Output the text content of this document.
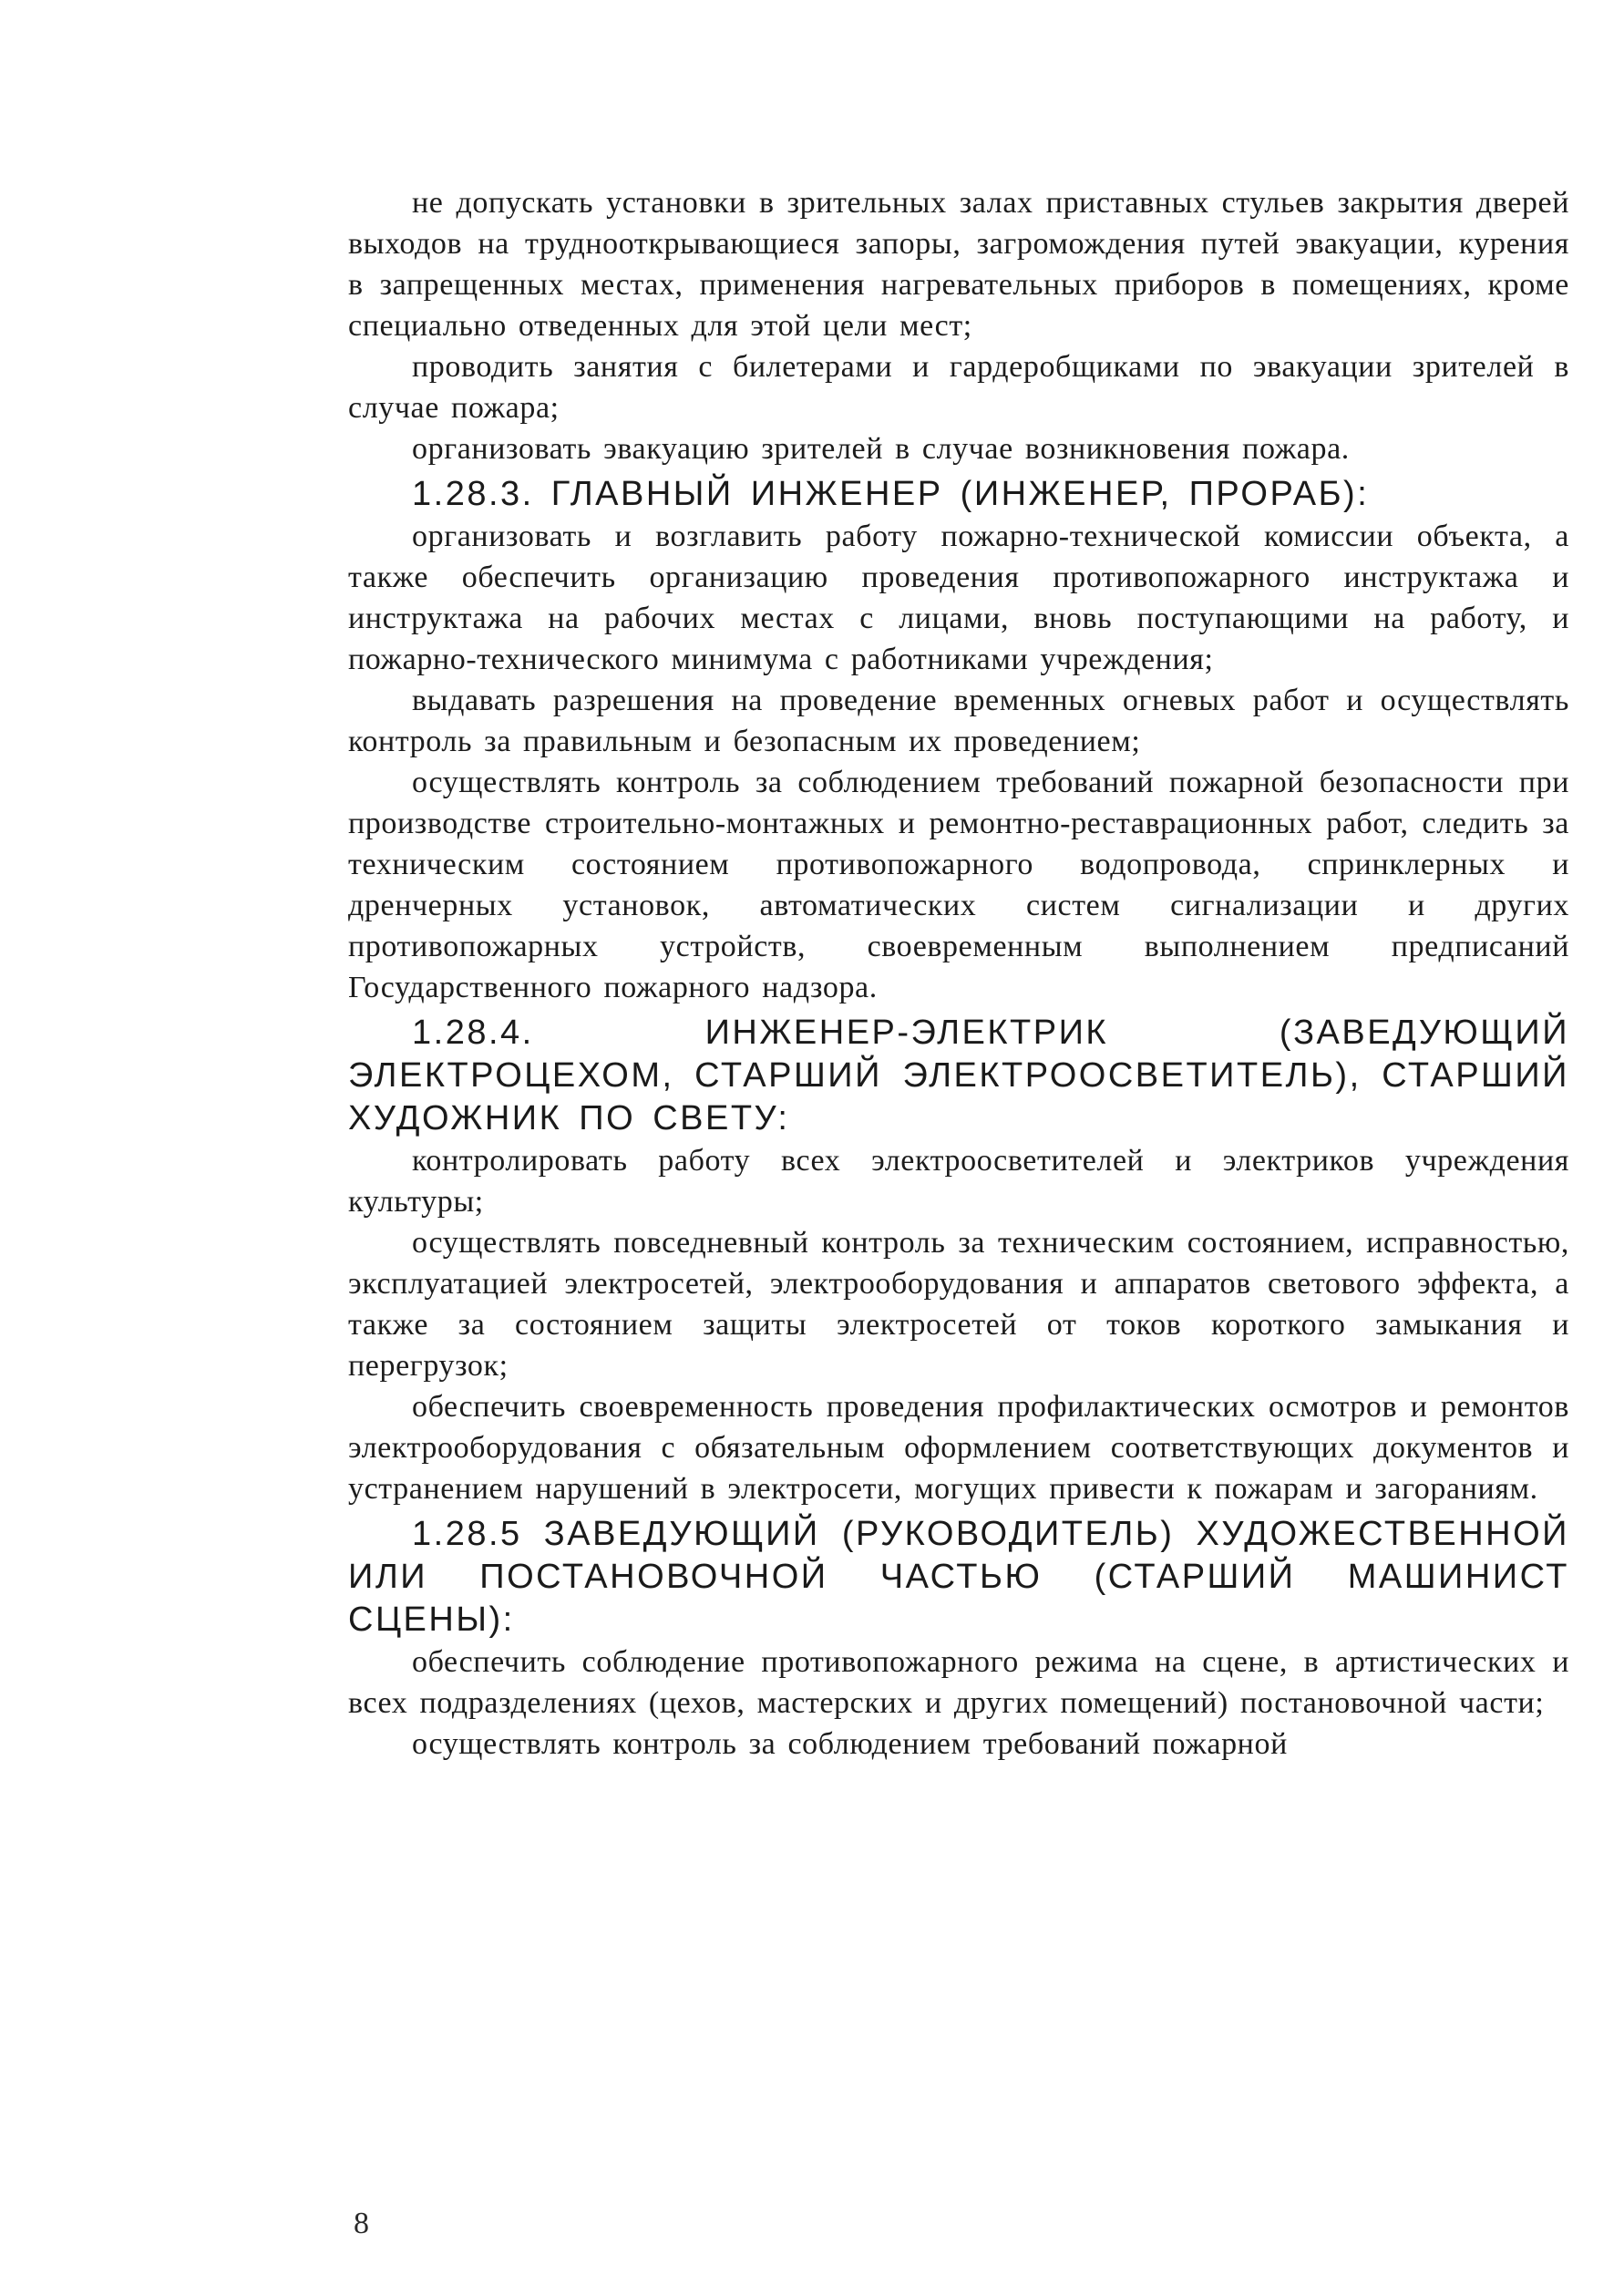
не допускать установки в зрительных залах приставных стульев закрытия дверей выходов на труднооткрывающиеся запоры, загромождения путей эвакуации, курения в запрещенных местах, применения нагревательных приборов в помещениях, кроме специально отведенных для этой цели мест;

проводить занятия с билетерами и гардеробщиками по эвакуации зрителей в случае пожара;

организовать эвакуацию зрителей в случае возникновения пожара.

1.28.3. ГЛАВНЫЙ ИНЖЕНЕР (ИНЖЕНЕР, ПРОРАБ):

организовать и возглавить работу пожарно-технической комиссии объекта, а также обеспечить организацию проведения противопожарного инструктажа и инструктажа на рабочих местах с лицами, вновь поступающими на работу, и пожарно-технического минимума с работниками учреждения;

выдавать разрешения на проведение временных огневых работ и осуществлять контроль за правильным и безопасным их проведением;

осуществлять контроль за соблюдением требований пожарной безопасности при производстве строительно-монтажных и ремонтно-реставрационных работ, следить за техническим состоянием противопожарного водопровода, спринклерных и дренчерных установок, автоматических систем сигнализации и других противопожарных устройств, своевременным выполнением предписаний Государственного пожарного надзора.

1.28.4. ИНЖЕНЕР-ЭЛЕКТРИК (ЗАВЕДУЮЩИЙ ЭЛЕКТРОЦЕХОМ, СТАРШИЙ ЭЛЕКТРООСВЕТИТЕЛЬ), СТАРШИЙ ХУДОЖНИК ПО СВЕТУ:

контролировать работу всех электроосветителей и электриков учреждения культуры;

осуществлять повседневный контроль за техническим состоянием, исправностью, эксплуатацией электросетей, электрооборудования и аппаратов светового эффекта, а также за состоянием защиты электросетей от токов короткого замыкания и перегрузок;

обеспечить своевременность проведения профилактических осмотров и ремонтов электрооборудования с обязательным оформлением соответствующих документов и устранением нарушений в электросети, могущих привести к пожарам и загораниям.

1.28.5 ЗАВЕДУЮЩИЙ (РУКОВОДИТЕЛЬ) ХУДОЖЕСТВЕННОЙ ИЛИ ПОСТАНОВОЧНОЙ ЧАСТЬЮ (СТАРШИЙ МАШИНИСТ СЦЕНЫ):

обеспечить соблюдение противопожарного режима на сцене, в артистических и всех подразделениях (цехов, мастерских и других помещений) постановочной части;

осуществлять контроль за соблюдением требований пожарной

8
